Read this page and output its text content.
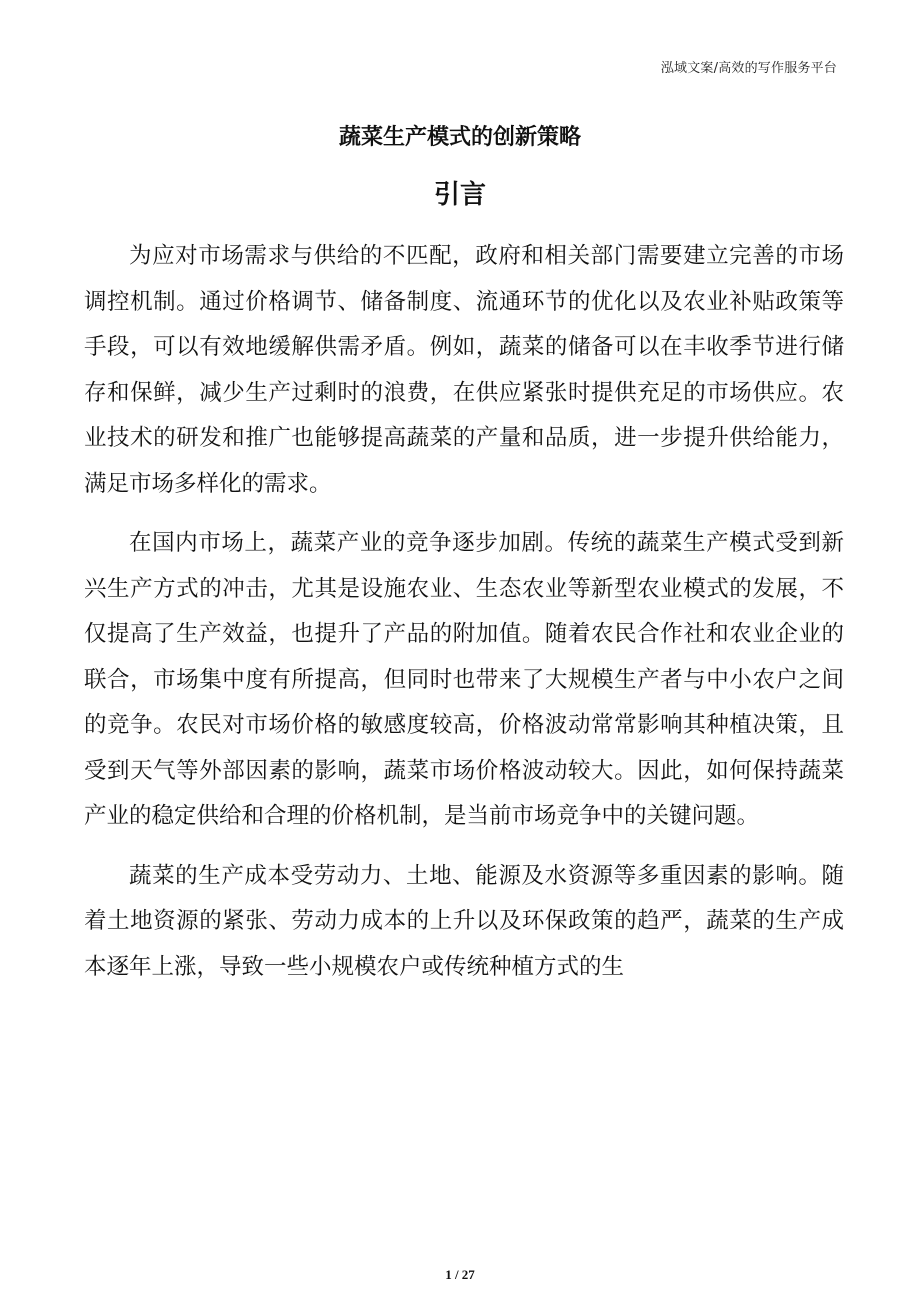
泓域文案/高效的写作服务平台
蔬菜生产模式的创新策略
引言

为应对市场需求与供给的不匹配，政府和相关部门需要建立完善的市场调控机制。通过价格调节、储备制度、流通环节的优化以及农业补贴政策等手段，可以有效地缓解供需矛盾。例如，蔬菜的储备可以在丰收季节进行储存和保鲜，减少生产过剩时的浪费，在供应紧张时提供充足的市场供应。农业技术的研发和推广也能够提高蔬菜的产量和品质，进一步提升供给能力，满足市场多样化的需求。

在国内市场上，蔬菜产业的竞争逐步加剧。传统的蔬菜生产模式受到新兴生产方式的冲击，尤其是设施农业、生态农业等新型农业模式的发展，不仅提高了生产效益，也提升了产品的附加值。随着农民合作社和农业企业的联合，市场集中度有所提高，但同时也带来了大规模生产者与中小农户之间的竞争。农民对市场价格的敏感度较高，价格波动常常影响其种植决策，且受到天气等外部因素的影响，蔬菜市场价格波动较大。因此，如何保持蔬菜产业的稳定供给和合理的价格机制，是当前市场竞争中的关键问题。

蔬菜的生产成本受劳动力、土地、能源及水资源等多重因素的影响。随着土地资源的紧张、劳动力成本的上升以及环保政策的趋严，蔬菜的生产成本逐年上涨，导致一些小规模农户或传统种植方式的生

1 / 27
